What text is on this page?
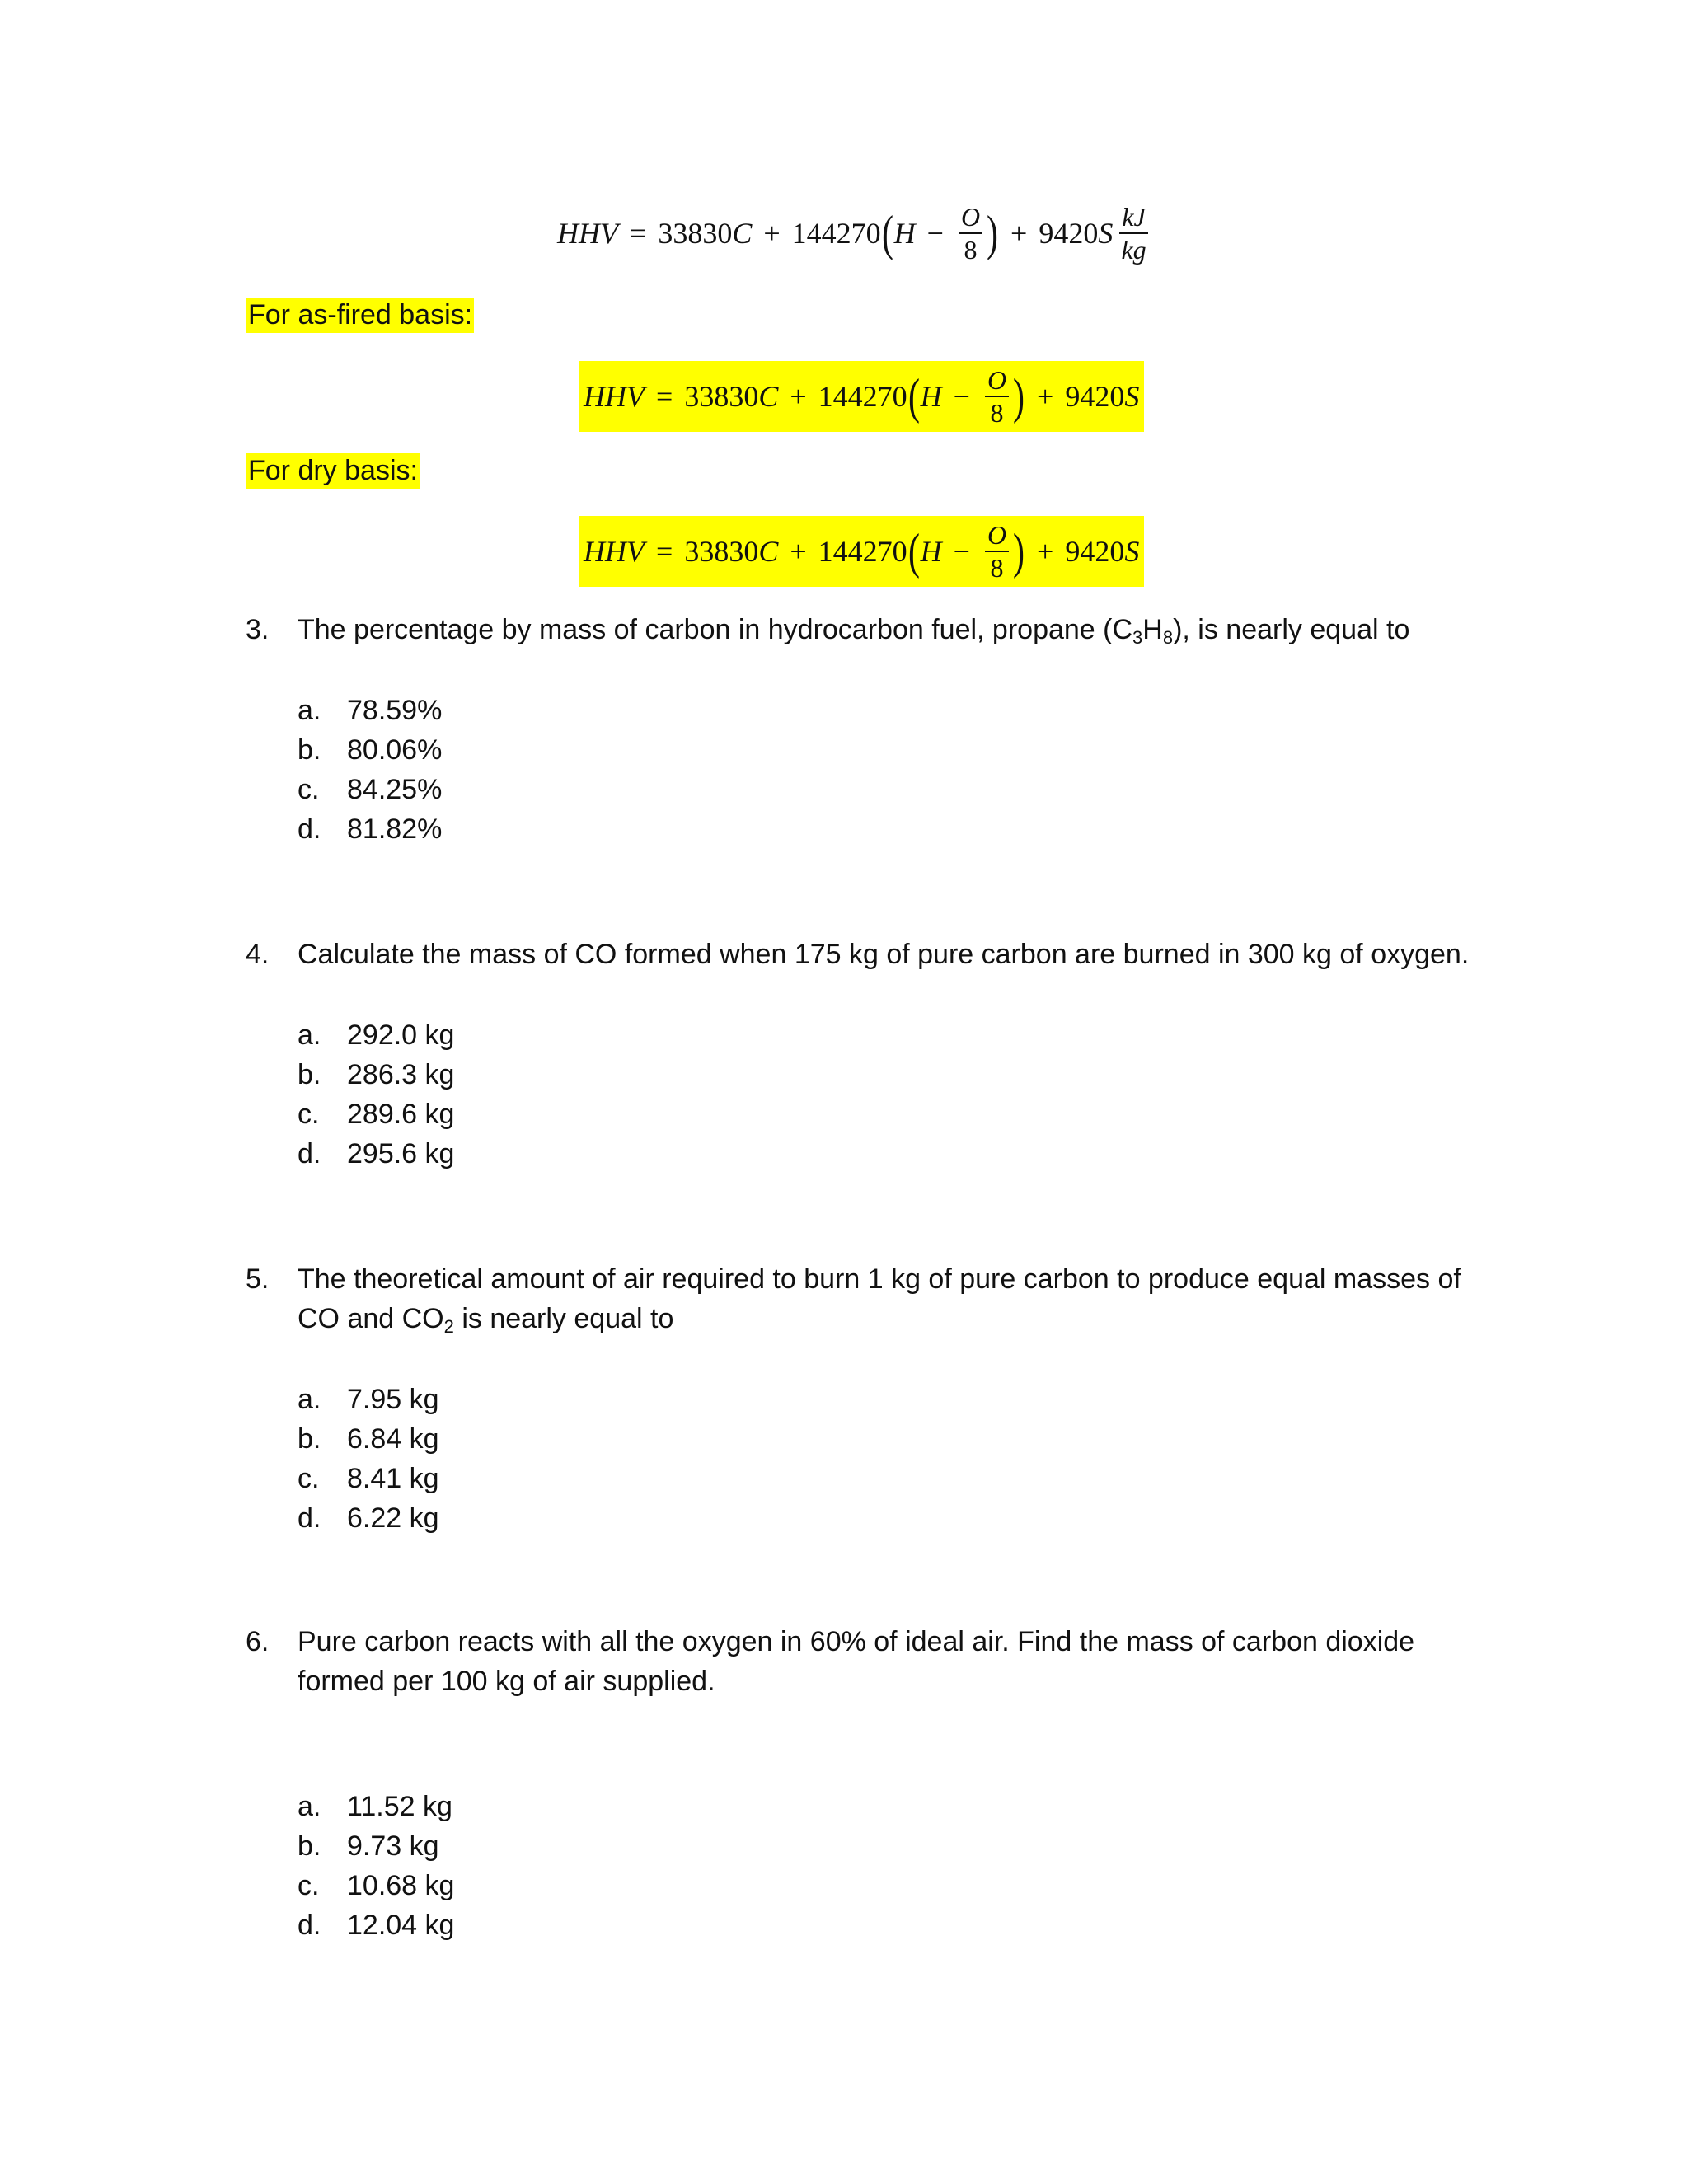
HHV = 33830 C + 144270 ( $H - \frac{O}{8}$ ) + 9420 S $\frac{kJ}{kg}$
For as-fired basis:
HHV = 33830 C + 144270 ( $H - \frac{O}{8}$ ) + 9420 S
For dry basis:
HHV = 33830 C + 144270 ( $H - \frac{O}{8}$ ) + 9420 S
3. The percentage by mass of carbon in hydrocarbon fuel, propane $(C_3H_8)$, is nearly equal to
a. 78.59%
b. 80.06%
c. 84.25%
d. 81.82%
4. Calculate the mass of CO formed when 175 kg of pure carbon are burned in 300 kg of oxygen.
a. 292.0 kg
b. 286.3 kg
c. 289.6 kg
d. 295.6 kg
5. The theoretical amount of air required to burn 1 kg of pure carbon to produce equal masses of
CO and $CO_2$ is nearly equal to
a. 7.95 kg
b. 6.84 kg
c. 8.41 kg
d. 6.22 kg
6. Pure carbon reacts with all the oxygen in 60% of ideal air. Find the mass of carbon dioxide formed per 100 kg of air supplied.
a. 11.52 kg
b. 9.73 kg
c. 10.68 kg
d. 12.04 kg
